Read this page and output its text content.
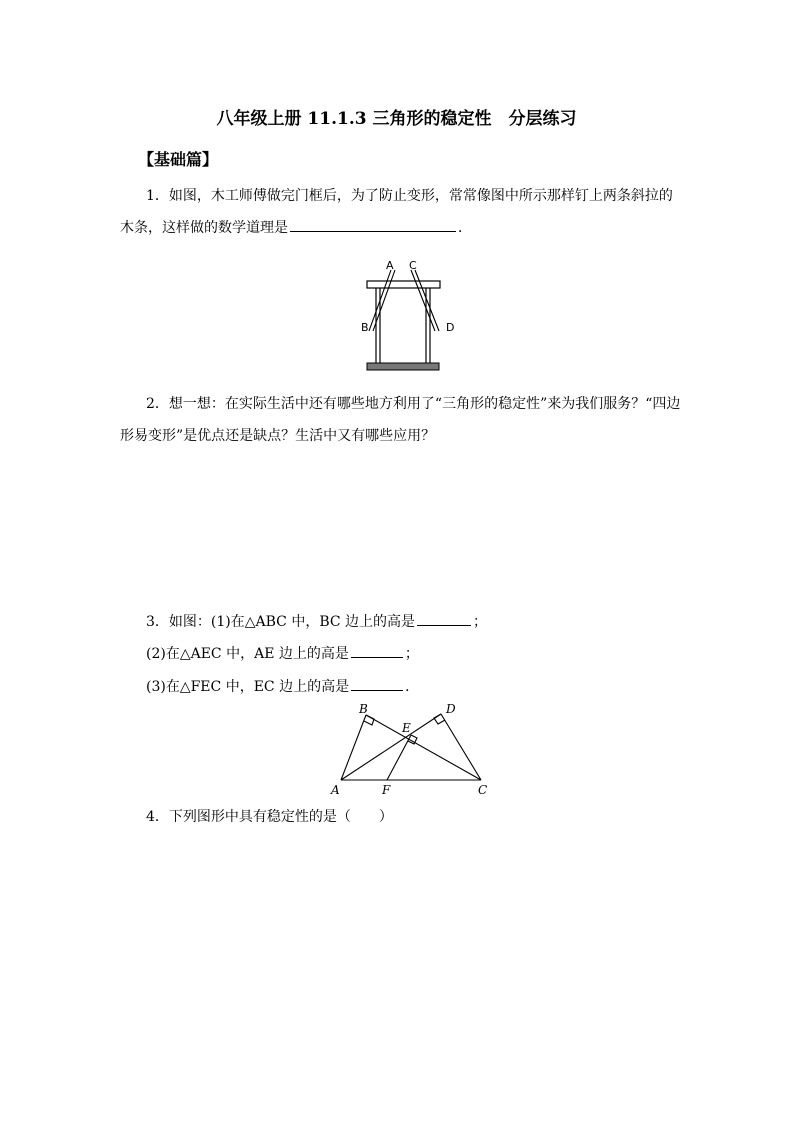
八年级上册 11.1.3 三角形的稳定性　分层练习
【基础篇】
1．如图，木工师傅做完门框后，为了防止变形，常常像图中所示那样钉上两条斜拉的
木条，这样做的数学道理是	．
A C
B	D
2．想一想：在实际生活中还有哪些地方利用了“三角形的稳定性”来为我们服务？“四边
形易变形”是优点还是缺点？生活中又有哪些应用？
3．如图：(1)在△ABC 中，BC 边上的高是	；
(2)在△AEC 中，AE 边上的高是	；
(3)在△FEC 中，EC 边上的高是	．
B	D
E
A	F	C
4．下列图形中具有稳定性的是（　　）
